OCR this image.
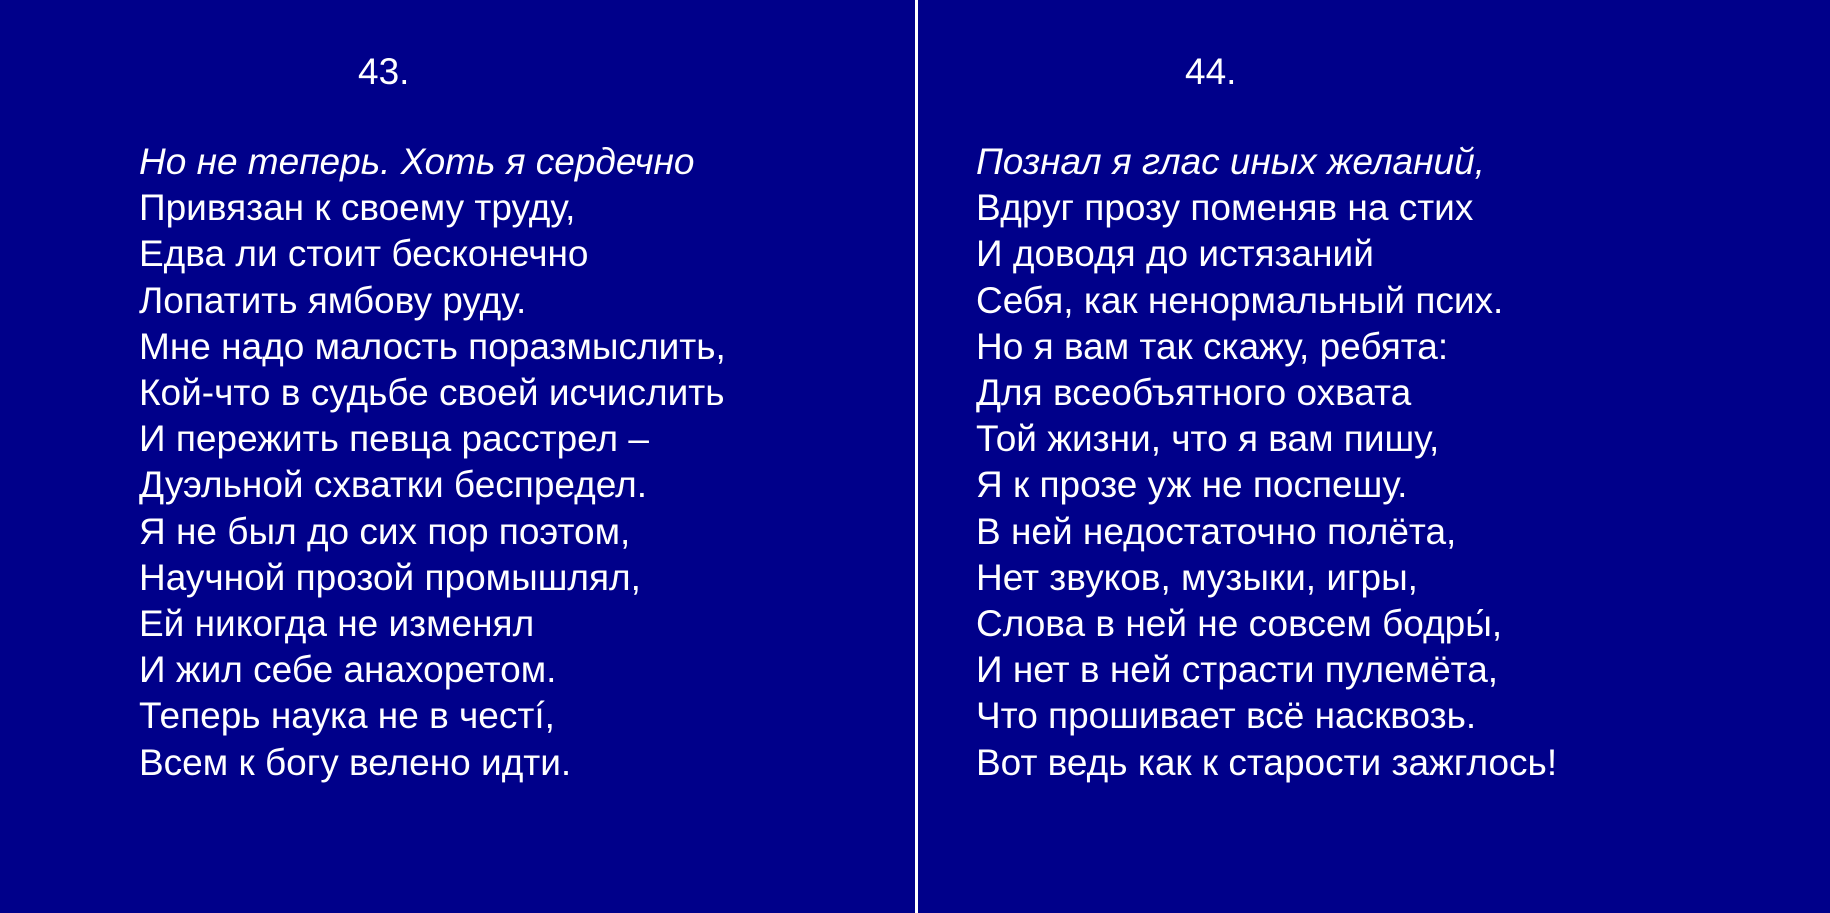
43.
Но не теперь. Хоть я сердечно
Привязан к своему труду,
Едва ли стоит бесконечно
Лопатить ямбову руду.
Мне надо малость поразмыслить,
Кой-что в судьбе своей исчислить
И пережить певца расстрел –
Дуэльной схватки беспредел.
Я не был до сих пор поэтом,
Научной прозой промышлял,
Ей никогда не изменял
И жил себе анахоретом.
Теперь наука не в честí,
Всем к богу велено идти.
44.
Познал я глас иных желаний,
Вдруг прозу поменяв на стих
И доводя до истязаний
Себя, как ненормальный псих.
Но я вам так скажу, ребята:
Для всеобъятного охвата
Той жизни, что я вам пишу,
Я к прозе уж не поспешу.
В ней недостаточно полёта,
Нет звуков, музыки, игры,
Слова в ней не совсем бодры́,
И нет в ней страсти пулемёта,
Что прошивает всё насквозь.
Вот ведь как к старости зажглось!
